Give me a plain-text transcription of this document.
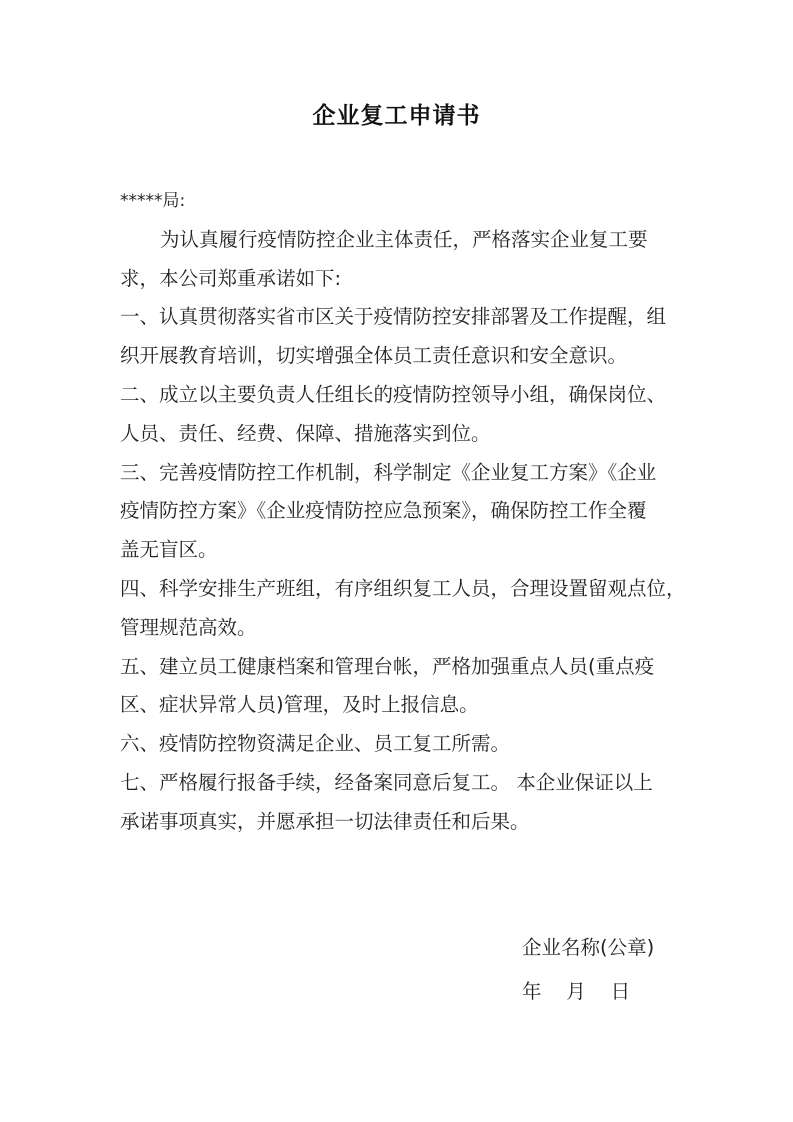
企业复工申请书
*****局:
为认真履行疫情防控企业主体责任，严格落实企业复工要
求，本公司郑重承诺如下:
一、认真贯彻落实省市区关于疫情防控安排部署及工作提醒，组
织开展教育培训，切实增强全体员工责任意识和安全意识。
二、成立以主要负责人任组长的疫情防控领导小组，确保岗位、
人员、责任、经费、保障、措施落实到位。
三、完善疫情防控工作机制，科学制定《企业复工方案》《企业
疫情防控方案》《企业疫情防控应急预案》，确保防控工作全覆
盖无盲区。
四、科学安排生产班组，有序组织复工人员，合理设置留观点位，
管理规范高效。
五、建立员工健康档案和管理台帐，严格加强重点人员(重点疫
区、症状异常人员)管理，及时上报信息。
六、疫情防控物资满足企业、员工复工所需。
七、严格履行报备手续，经备案同意后复工。 本企业保证以上
承诺事项真实，并愿承担一切法律责任和后果。
企业名称(公章)
年    月    日
